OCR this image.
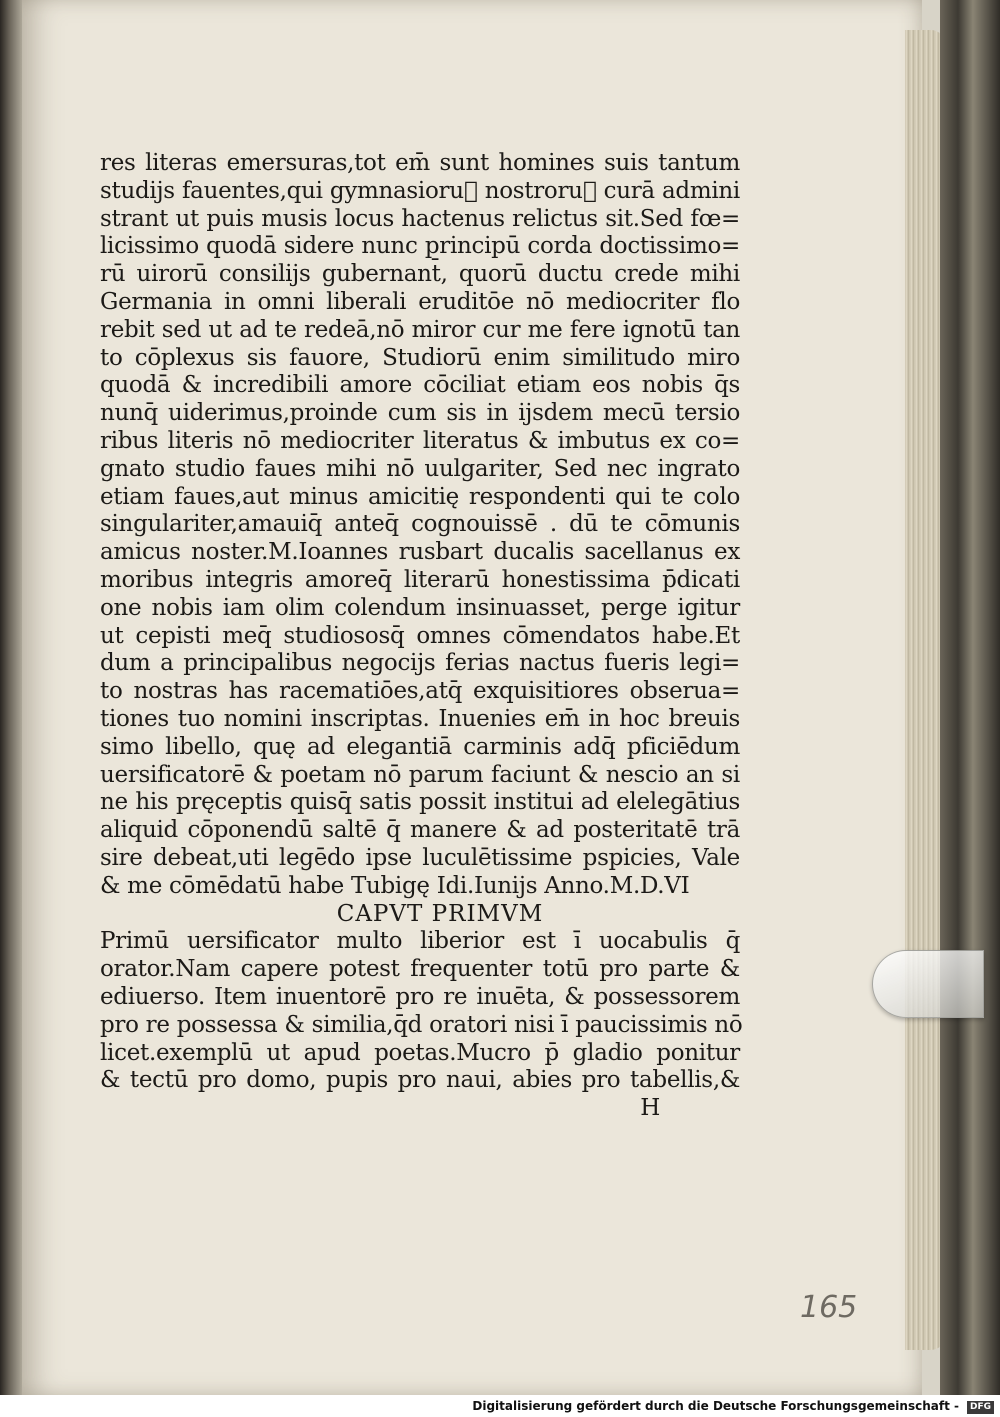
res literas emersuras,tot em̄ sunt homines suis tantum
studijs fauentes,qui gymnasioru᷑ nostroru᷑ curā admini
strant ut puis musis locus hactenus relictus sit.Sed fœ=
licissimo quodā sidere nunc principū corda doctissimo=
rū uirorū consilijs gubernant̄, quorū ductu crede mihi
Germania in omni liberali eruditōe nō mediocriter flo
rebit sed ut ad te redeā,nō miror cur me fere ignotū tan
to cōplexus sis fauore, Studiorū enim similitudo miro
quodā & incredibili amore cōciliat etiam eos nobis q̄s
nunq̄ uiderimus,proinde cum sis in ijsdem mecū tersio
ribus literis nō mediocriter literatus & imbutus ex co=
gnato studio faues mihi nō uulgariter, Sed nec ingrato
etiam faues,aut minus amicitię respondenti qui te colo
singulariter,amauiq̄ anteq̄ cognouissē . dū te cōmunis
amicus noster.M.Ioannes rusbart ducalis sacellanus ex
moribus integris amoreq̄ literarū honestissima p̄dicati
one nobis iam olim colendum insinuasset, perge igitur
ut cepisti meq̄ studiososq̄ omnes cōmendatos habe.Et
dum a principalibus negocijs ferias nactus fueris legi=
to nostras has racematiōes,atq̄ exquisitiores obserua=
tiones tuo nomini inscriptas. Inuenies em̄ in hoc breuis
simo libello, quę ad elegantiā carminis adq̄ pficiēdum
uersificatorē & poetam nō parum faciunt & nescio an si
ne his pręceptis quisq̄ satis possit institui ad elelegātius
aliquid cōponendū saltē q̄ manere & ad posteritatē trā
sire debeat,uti legēdo ipse luculētissime pspicies, Vale
& me cōmēdatū habe Tubigę Idi.Iunijs Anno.M.D.VI
CAPVT PRIMVM
Primū uersificator multo liberior est ī uocabulis q̄
orator.Nam capere potest frequenter totū pro parte &
ediuerso. Item inuentorē pro re inuēta, & possessorem
pro re possessa & similia,q̄d oratori nisi ī paucissimis nō
licet.exemplū ut apud poetas.Mucro p̄ gladio ponitur
& tectū pro domo, pupis pro naui, abies pro tabellis,&
H
165
Digitalisierung gefördert durch die Deutsche Forschungsgemeinschaft - DFG
